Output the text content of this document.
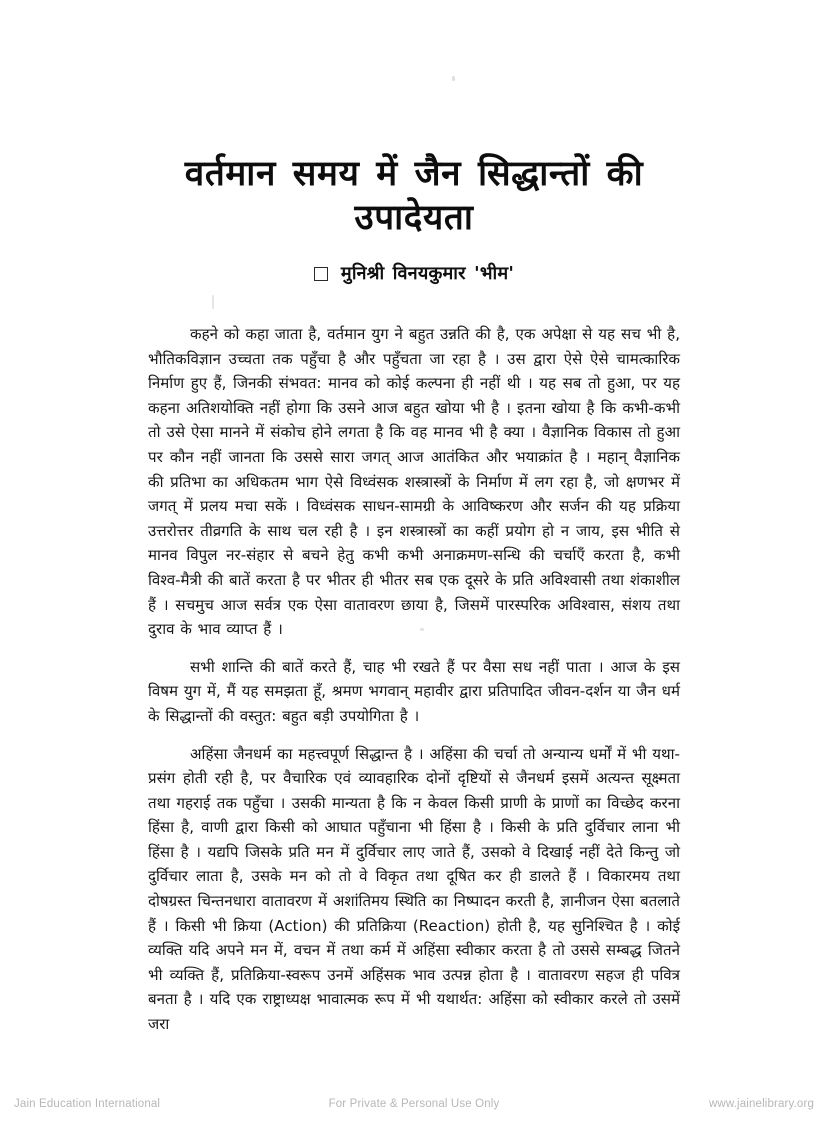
वर्तमान समय में जैन सिद्धान्तों की
उपादेयता
मुनिश्री विनयकुमार 'भीम'

कहने को कहा जाता है, वर्तमान युग ने बहुत उन्नति की है, एक अपेक्षा से यह सच भी है, भौतिकविज्ञान उच्चता तक पहुँचा है और पहुँचता जा रहा है । उस द्वारा ऐसे ऐसे चामत्कारिक निर्माण हुए हैं, जिनकी संभवत: मानव को कोई कल्पना ही नहीं थी । यह सब तो हुआ, पर यह कहना अतिशयोक्ति नहीं होगा कि उसने आज बहुत खोया भी है । इतना खोया है कि कभी-कभी तो उसे ऐसा मानने में संकोच होने लगता है कि वह मानव भी है क्या । वैज्ञानिक विकास तो हुआ पर कौन नहीं जानता कि उससे सारा जगत् आज आतंकित और भयाक्रांत है । महान् वैज्ञानिक की प्रतिभा का अधिकतम भाग ऐसे विध्वंसक शस्त्रास्त्रों के निर्माण में लग रहा है, जो क्षणभर में जगत् में प्रलय मचा सकें । विध्वंसक साधन-सामग्री के आविष्करण और सर्जन की यह प्रक्रिया उत्तरोत्तर तीव्रगति के साथ चल रही है । इन शस्त्रास्त्रों का कहीं प्रयोग हो न जाय, इस भीति से मानव विपुल नर-संहार से बचने हेतु कभी कभी अनाक्रमण-सन्धि की चर्चाएँ करता है, कभी विश्व-मैत्री की बातें करता है पर भीतर ही भीतर सब एक दूसरे के प्रति अविश्वासी तथा शंकाशील हैं । सचमुच आज सर्वत्र एक ऐसा वातावरण छाया है, जिसमें पारस्परिक अविश्वास, संशय तथा दुराव के भाव व्याप्त हैं ।

सभी शान्ति की बातें करते हैं, चाह भी रखते हैं पर वैसा सध नहीं पाता । आज के इस विषम युग में, मैं यह समझता हूँ, श्रमण भगवान् महावीर द्वारा प्रतिपादित जीवन-दर्शन या जैन धर्म के सिद्धान्तों की वस्तुत: बहुत बड़ी उपयोगिता है ।

अहिंसा जैनधर्म का महत्त्वपूर्ण सिद्धान्त है । अहिंसा की चर्चा तो अन्यान्य धर्मों में भी यथा-प्रसंग होती रही है, पर वैचारिक एवं व्यावहारिक दोनों दृष्टियों से जैनधर्म इसमें अत्यन्त सूक्ष्मता तथा गहराई तक पहुँचा । उसकी मान्यता है कि न केवल किसी प्राणी के प्राणों का विच्छेद करना हिंसा है, वाणी द्वारा किसी को आघात पहुँचाना भी हिंसा है । किसी के प्रति दुर्विचार लाना भी हिंसा है । यद्यपि जिसके प्रति मन में दुर्विचार लाए जाते हैं, उसको वे दिखाई नहीं देते किन्तु जो दुर्विचार लाता है, उसके मन को तो वे विकृत तथा दूषित कर ही डालते हैं । विकारमय तथा दोषग्रस्त चिन्तनधारा वातावरण में अशांतिमय स्थिति का निष्पादन करती है, ज्ञानीजन ऐसा बतलाते हैं । किसी भी क्रिया (Action) की प्रतिक्रिया (Reaction) होती है, यह सुनिश्चित है । कोई व्यक्ति यदि अपने मन में, वचन में तथा कर्म में अहिंसा स्वीकार करता है तो उससे सम्बद्ध जितने भी व्यक्ति हैं, प्रतिक्रिया-स्वरूप उनमें अहिंसक भाव उत्पन्न होता है । वातावरण सहज ही पवित्र बनता है । यदि एक राष्ट्राध्यक्ष भावात्मक रूप में भी यथार्थत: अहिंसा को स्वीकार करले तो उसमें जरा

Jain Education International	For Private & Personal Use Only	www.jainelibrary.org
